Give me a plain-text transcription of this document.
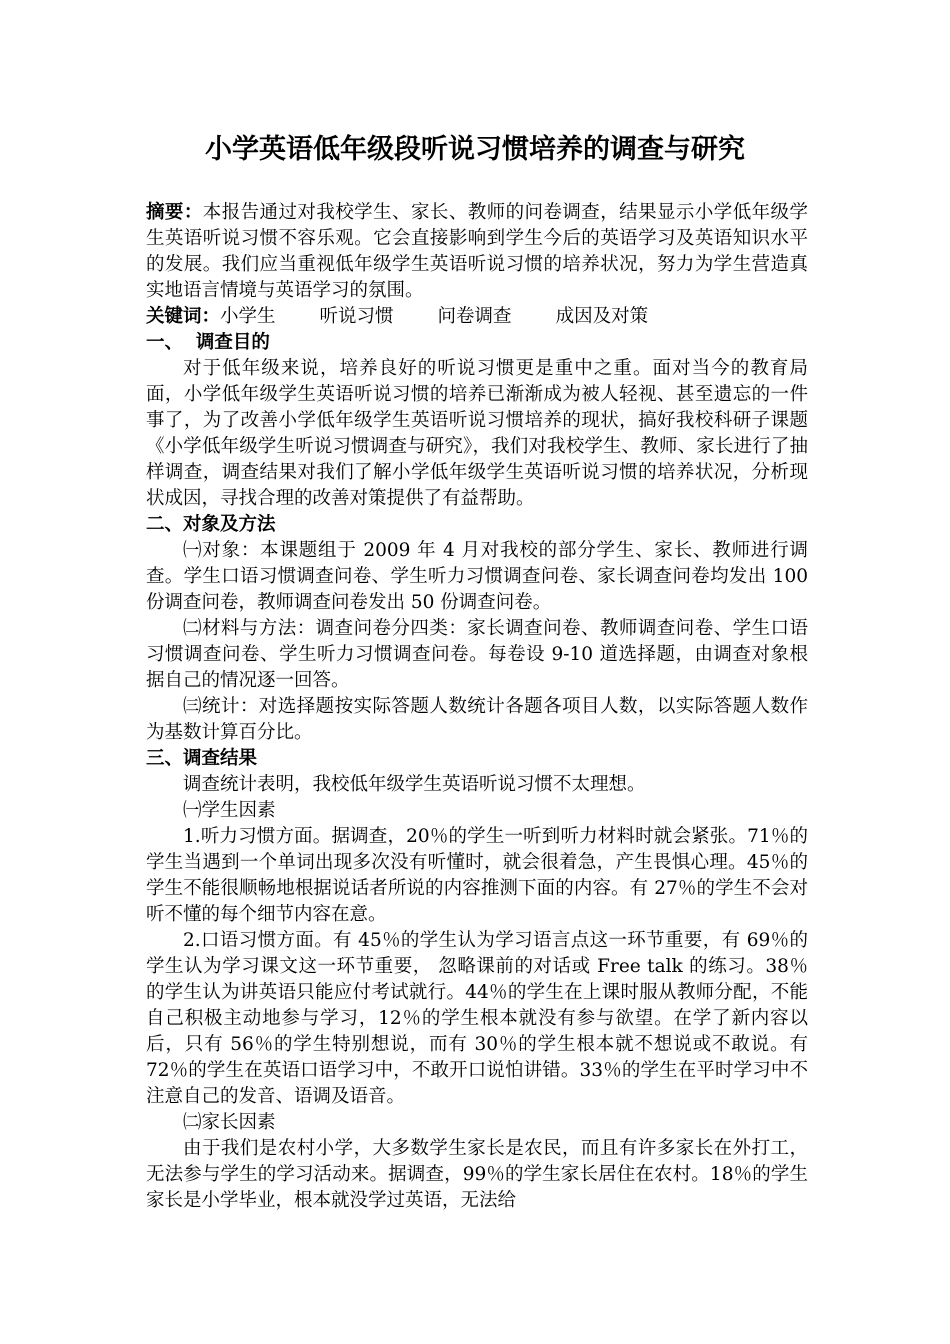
小学英语低年级段听说习惯培养的调查与研究

摘要：本报告通过对我校学生、家长、教师的问卷调查，结果显示小学低年级学生英语听说习惯不容乐观。它会直接影响到学生今后的英语学习及英语知识水平的发展。我们应当重视低年级学生英语听说习惯的培养状况，努力为学生营造真实地语言情境与英语学习的氛围。

关键词：小学生 听说习惯 问卷调查 成因及对策

一、  调查目的

对于低年级来说，培养良好的听说习惯更是重中之重。面对当今的教育局面，小学低年级学生英语听说习惯的培养已渐渐成为被人轻视、甚至遗忘的一件事了，为了改善小学低年级学生英语听说习惯培养的现状，搞好我校科研子课题《小学低年级学生听说习惯调查与研究》，我们对我校学生、教师、家长进行了抽样调查，调查结果对我们了解小学低年级学生英语听说习惯的培养状况，分析现状成因，寻找合理的改善对策提供了有益帮助。

二、对象及方法

㈠对象：本课题组于 2009 年 4 月对我校的部分学生、家长、教师进行调查。学生口语习惯调查问卷、学生听力习惯调查问卷、家长调查问卷均发出 100 份调查问卷，教师调查问卷发出 50 份调查问卷。

㈡材料与方法：调查问卷分四类：家长调查问卷、教师调查问卷、学生口语习惯调查问卷、学生听力习惯调查问卷。每卷设 9-10 道选择题，由调查对象根据自己的情况逐一回答。

㈢统计：对选择题按实际答题人数统计各题各项目人数，以实际答题人数作为基数计算百分比。

三、调查结果

调查统计表明，我校低年级学生英语听说习惯不太理想。

㈠学生因素

1.听力习惯方面。据调查，20％的学生一听到听力材料时就会紧张。71％的学生当遇到一个单词出现多次没有听懂时，就会很着急，产生畏惧心理。45％的学生不能很顺畅地根据说话者所说的内容推测下面的内容。有 27％的学生不会对听不懂的每个细节内容在意。

2.口语习惯方面。有 45％的学生认为学习语言点这一环节重要，有 69％的学生认为学习课文这一环节重要， 忽略课前的对话或 Free talk 的练习。38％的学生认为讲英语只能应付考试就行。44％的学生在上课时服从教师分配，不能自己积极主动地参与学习，12％的学生根本就没有参与欲望。在学了新内容以后，只有 56％的学生特别想说，而有 30％的学生根本就不想说或不敢说。有 72％的学生在英语口语学习中，不敢开口说怕讲错。33％的学生在平时学习中不注意自己的发音、语调及语音。

㈡家长因素

由于我们是农村小学，大多数学生家长是农民，而且有许多家长在外打工，无法参与学生的学习活动来。据调查，99％的学生家长居住在农村。18％的学生家长是小学毕业，根本就没学过英语，无法给
